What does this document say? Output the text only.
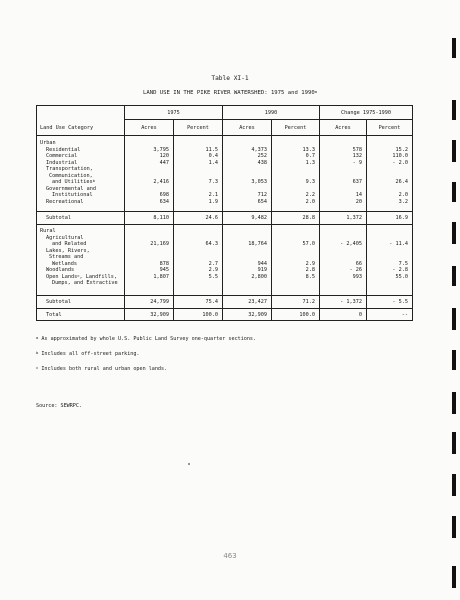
Table XI-1
LAND USE IN THE PIKE RIVER WATERSHED: 1975 and 1990$^a$
1975	1990	Change 1975-1990
Land Use Category	Acres	Percent	Acres	Percent	Acres	Percent
Urban
Residential	3,795	11.5	4,373	13.3	578	15.2
Commercial	120	0.4	252	0.7	132	110.0
Industrial	447	1.4	438	1.3	- 9	- 2.0
Transportation,
Communication,
and Utilities$^b$	2,416	7.3	3,053	9.3	637	26.4
Governmental and
Institutional	698	2.1	712	2.2	14	2.0
Recreational	634	1.9	654	2.0	20	3.2
Subtotal	8,110	24.6	9,482	28.8	1,372	16.9
Rural
Agricultural
and Related	21,169	64.3	18,764	57.0	- 2,405	- 11.4
Lakes, Rivers,
Streams and
Wetlands	878	2.7	944	2.9	66	7.5
Woodlands	945	2.9	919	2.8	- 26	- 2.8
Open Lands$^c$, Landfills,
Dumps, and Extractive
1,807	5.5	2,800	8.5	993	55.0
Subtotal	24,799	75.4	23,427	71.2	- 1,372	- 5.5
Total	32,909	100.0	32,909	100.0	0	--
$^a$ As approximated by whole U.S. Public Land Survey one-quarter sections.
$^b$ Includes all off-street parking.
$^c$ Includes both rural and urban open lands.
Source: SEWRPC.
463
